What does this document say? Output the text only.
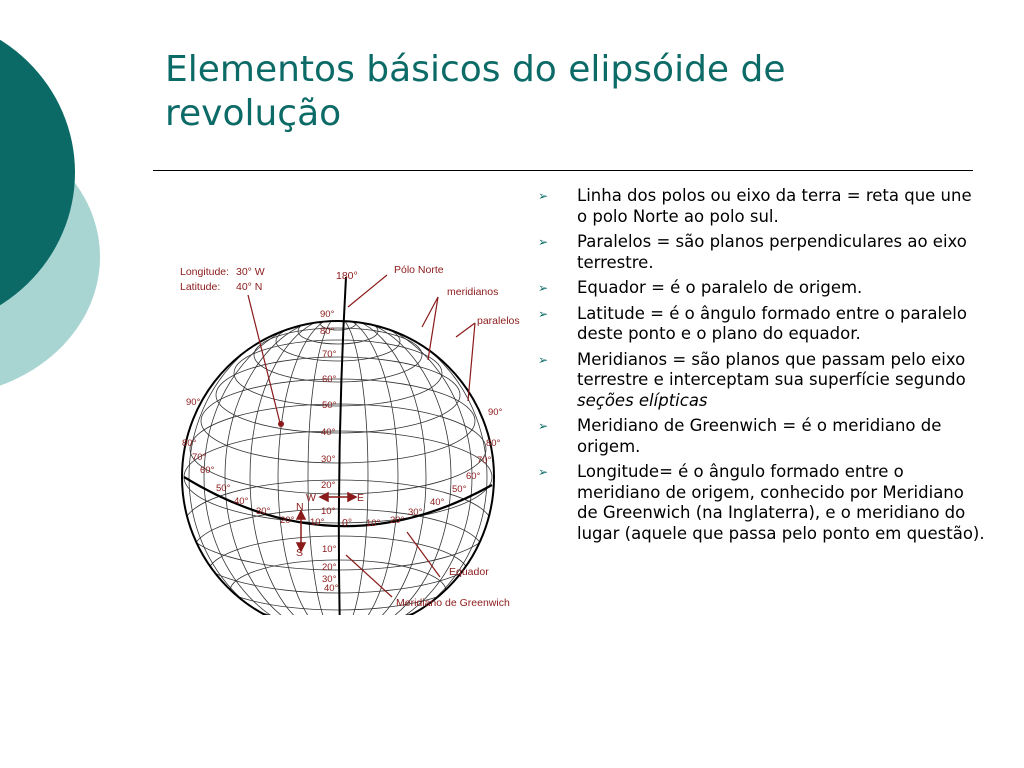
Elementos básicos do elipsóide de
revolução
Longitude: 30° W
Latitude: 40° N
Pólo Norte
meridianos
paralelos
Equador
Meridiano de Greenwich
180°
W	E
N
S
0°
90°
80°
70°
60°
50°
40°
30°
20°
10°
10°
20°
30°
40°
90°
80°
70°
60°
50°
40°
30°
20° 10°
90°
80°
70°
60°
50°
40°
30°
20°
10°
➢ Linha dos polos ou eixo da terra = reta que une o polo Norte ao polo sul.
➢ Paralelos = são planos perpendiculares ao eixo terrestre.
➢ Equador = é o paralelo de origem.
➢ Latitude = é o ângulo formado entre o paralelo deste ponto e o plano do equador.
➢ Meridianos = são planos que passam pelo eixo terrestre e interceptam sua superfície segundo seções elípticas
➢ Meridiano de Greenwich = é o meridiano de origem.
➢ Longitude= é o ângulo formado entre o meridiano de origem, conhecido por Meridiano de Greenwich (na Inglaterra), e o meridiano do lugar (aquele que passa pelo ponto em questão).
